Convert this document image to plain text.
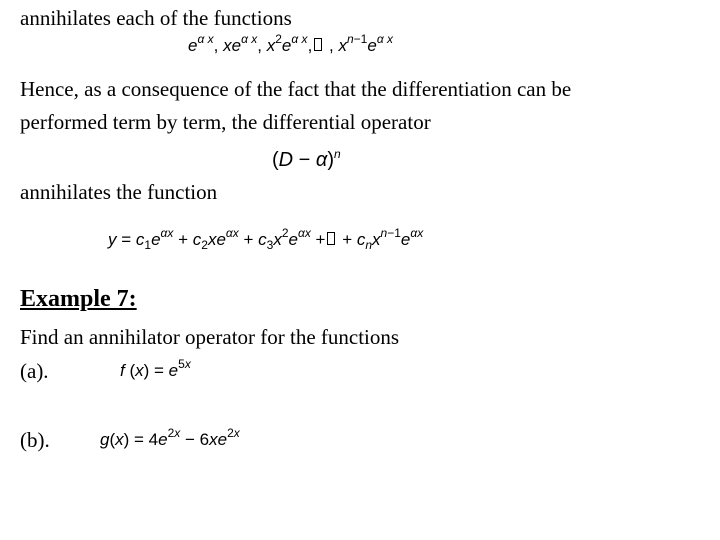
annihilates each of the functions
$e^{\alpha x}$, $xe^{\alpha x}$, $x^2e^{\alpha x}$, , $x^{n-1}e^{\alpha x}$
Hence, as a consequence of the fact that the differentiation can be
performed term by term, the differential operator
$(D - \alpha)^n$
annihilates the function
$y = c_1e^{\alpha x} + c_2xe^{\alpha x} + c_3x^2e^{\alpha x}$ + + $c_nx^{n-1}e^{\alpha x}$
Example 7:
Find an annihilator operator for the functions
(a).	f $(x) = e^{5x}$
(b).	$g(x) = 4e^{2x} - 6xe^{2x}$
